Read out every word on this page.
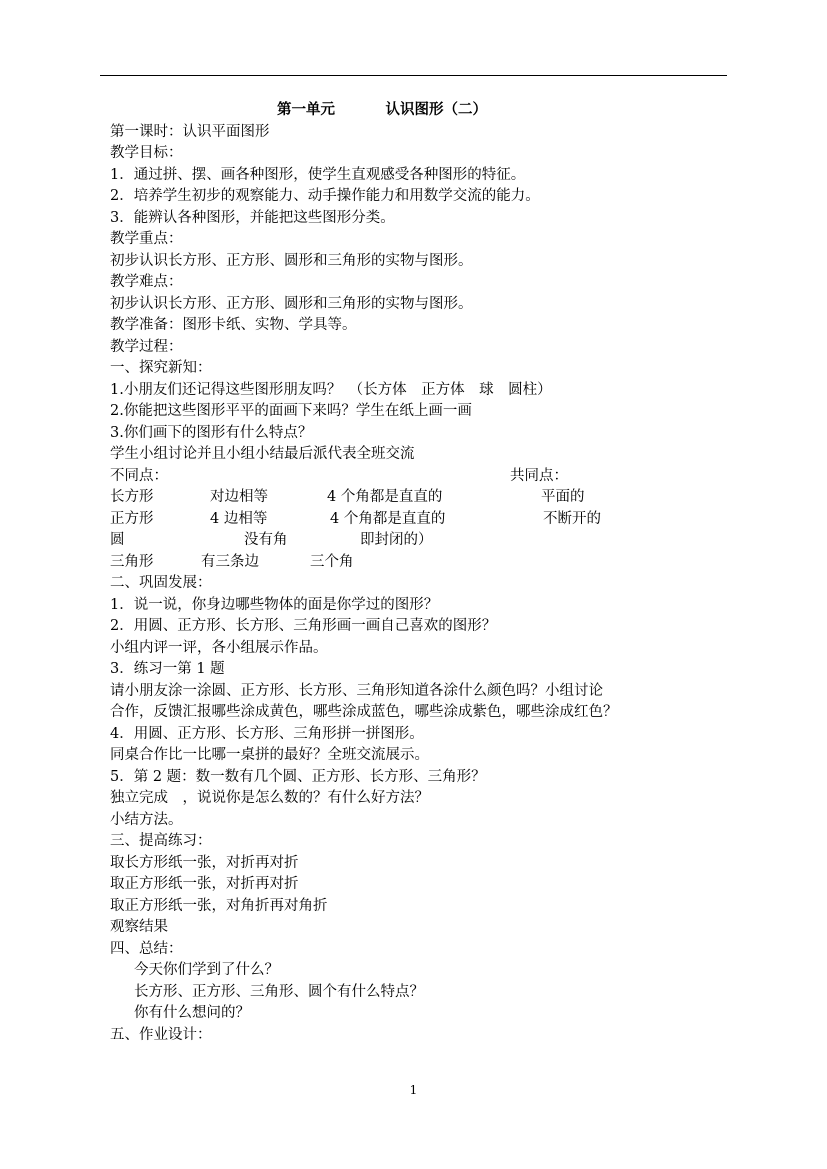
第一单元	认识图形（二）
第一课时：认识平面图形
教学目标：
1．通过拼、摆、画各种图形，使学生直观感受各种图形的特征。
2．培养学生初步的观察能力、动手操作能力和用数学交流的能力。
3．能辨认各种图形，并能把这些图形分类。
教学重点：
初步认识长方形、正方形、圆形和三角形的实物与图形。
教学难点：
初步认识长方形、正方形、圆形和三角形的实物与图形。
教学准备：图形卡纸、实物、学具等。
教学过程：
一、探究新知：
1.小朋友们还记得这些图形朋友吗？　（长方体　正方体　球　圆柱）
2.你能把这些图形平平的面画下来吗？学生在纸上画一画
3.你们画下的图形有什么特点？
学生小组讨论并且小组小结最后派代表全班交流
不同点：	共同点：
长方形	对边相等	4 个角都是直直的	平面的
正方形	4 边相等	4 个角都是直直的	不断开的
圆	没有角	即封闭的）
三角形	有三条边	三个角
二、巩固发展：
1．说一说，你身边哪些物体的面是你学过的图形？
2．用圆、正方形、长方形、三角形画一画自己喜欢的图形？
小组内评一评，各小组展示作品。
3．练习一第 1 题
请小朋友涂一涂圆、正方形、长方形、三角形知道各涂什么颜色吗？小组讨论
合作，反馈汇报哪些涂成黄色，哪些涂成蓝色，哪些涂成紫色，哪些涂成红色？
4．用圆、正方形、长方形、三角形拼一拼图形。
同桌合作比一比哪一桌拼的最好？全班交流展示。
5．第 2 题：数一数有几个圆、正方形、长方形、三角形？
独立完成　，说说你是怎么数的？有什么好方法？
小结方法。
三、提高练习：
取长方形纸一张，对折再对折
取正方形纸一张，对折再对折
取正方形纸一张，对角折再对角折
观察结果
四、总结：
今天你们学到了什么？
长方形、正方形、三角形、圆个有什么特点？
你有什么想问的？
五、作业设计：
1
